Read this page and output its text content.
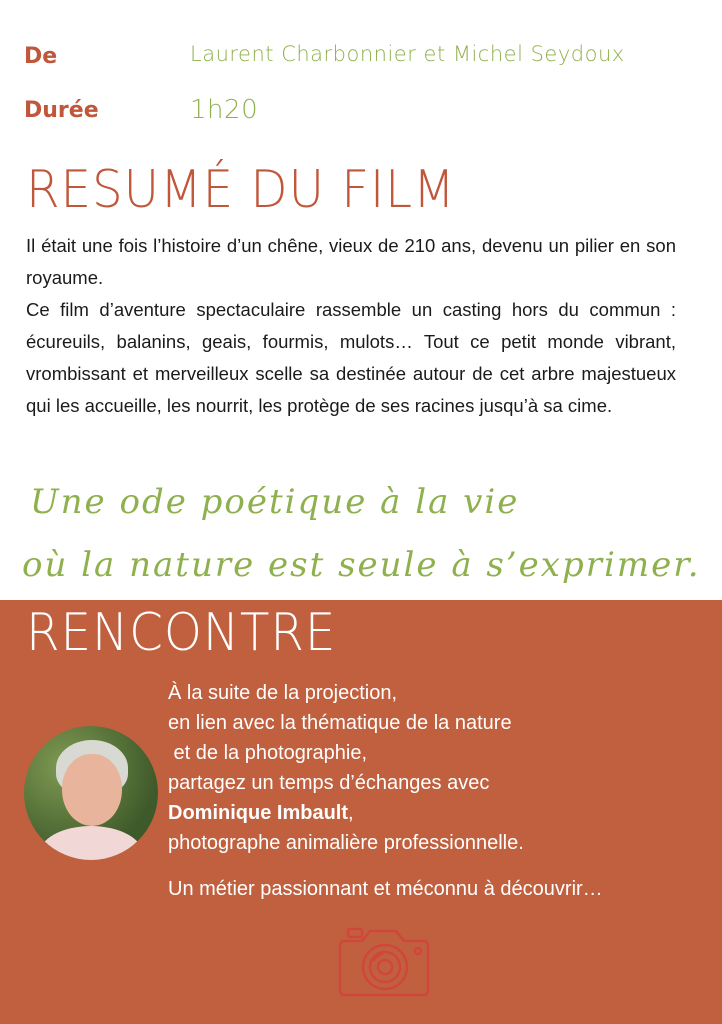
De	Laurent Charbonnier et Michel Seydoux
Durée	1h20
RESUMÉ DU FILM

Il était une fois l’histoire d’un chêne, vieux de 210 ans, devenu un pilier en son royaume.

Ce film d’aventure spectaculaire rassemble un casting hors du commun : écureuils, balanins, geais, fourmis, mulots… Tout ce petit monde vibrant, vrombissant et merveilleux scelle sa destinée autour de cet arbre majestueux qui les accueille, les nourrit, les protège de ses racines jusqu’à sa cime.

Une ode poétique à la vie
où la nature est seule à s’exprimer.
RENCONTRE
À la suite de la projection,
en lien avec la thématique de la nature
et de la photographie,
partagez un temps d’échanges avec
Dominique Imbault,
photographe animalière professionnelle.
Un métier passionnant et méconnu à découvrir…
